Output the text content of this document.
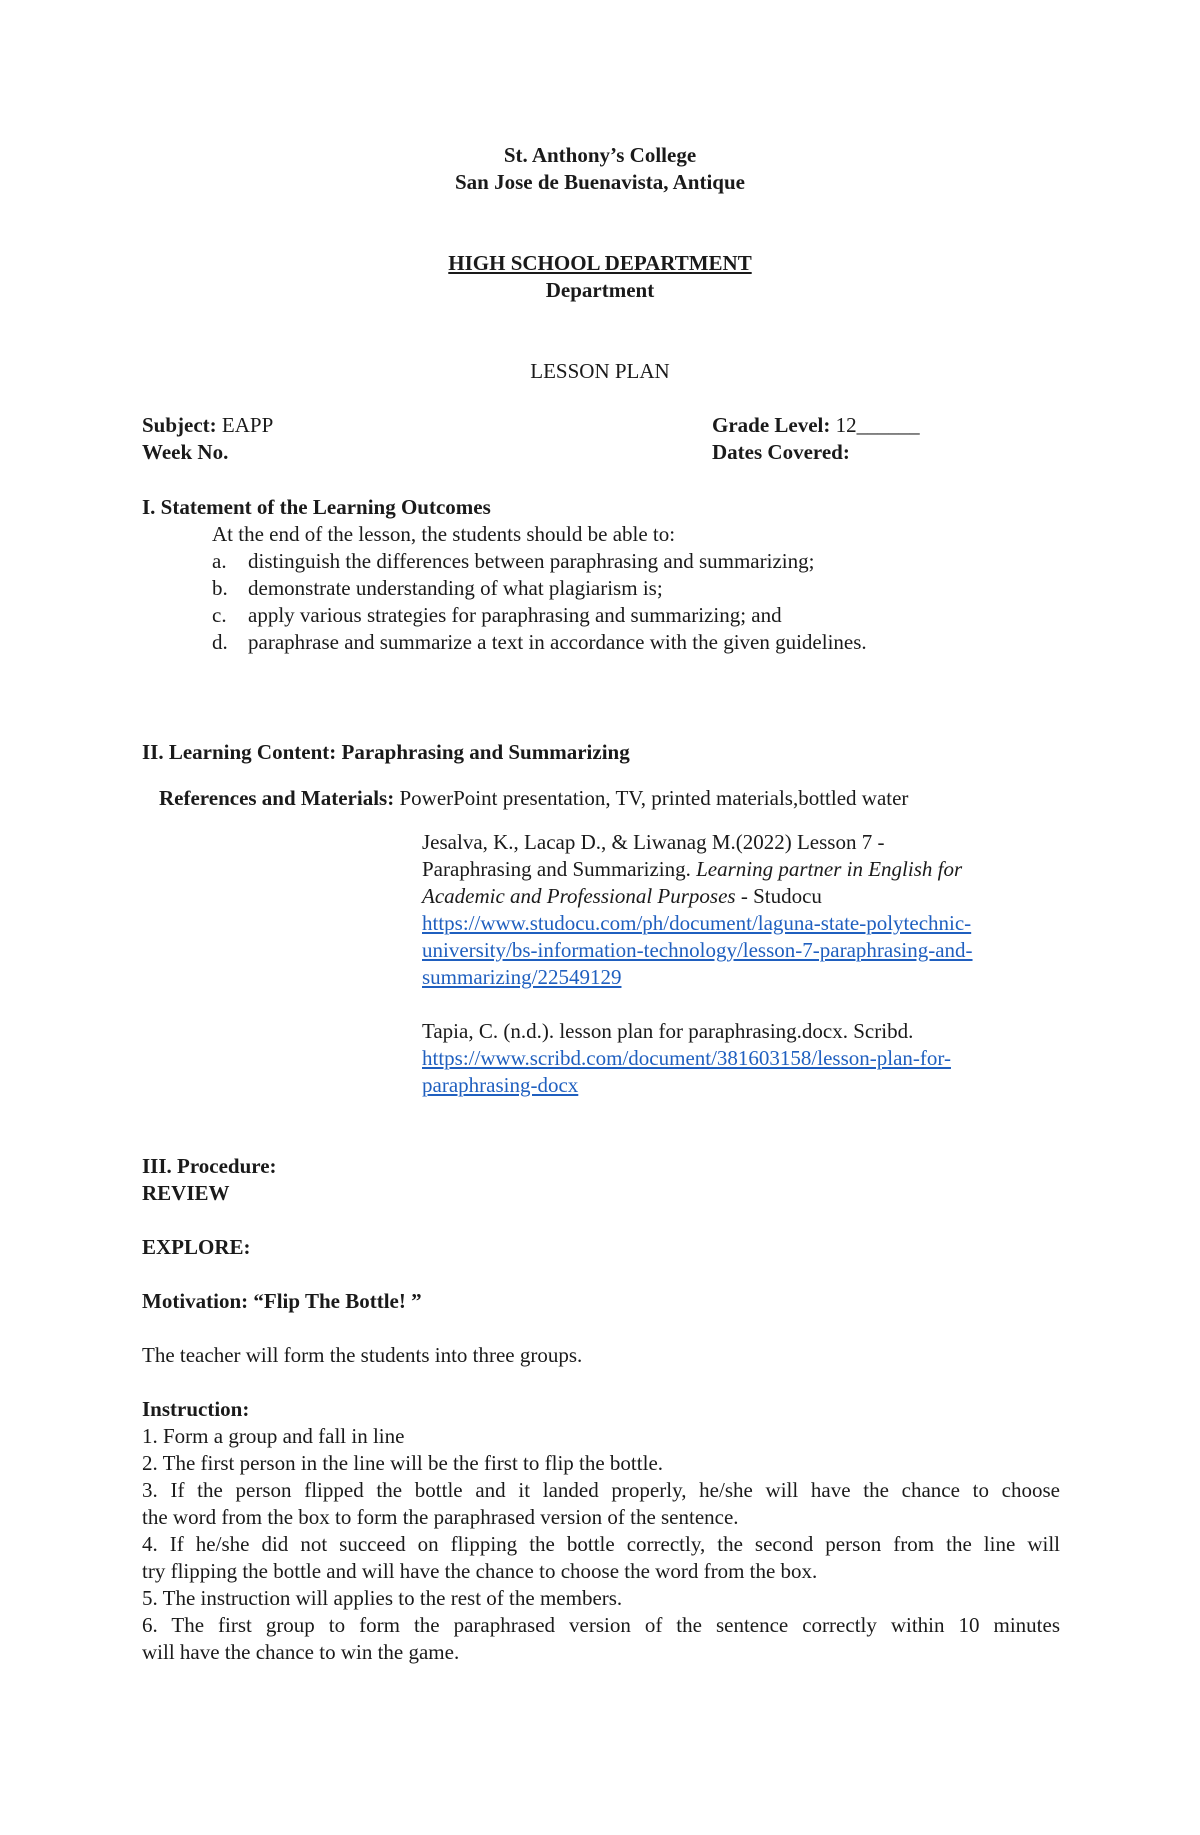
St. Anthony’s College
San Jose de Buenavista, Antique
HIGH SCHOOL DEPARTMENT
Department
LESSON PLAN
Subject: EAPP	Grade Level: 12______
Week No.	Dates Covered:
I. Statement of the Learning Outcomes
At the end of the lesson, the students should be able to:
a. distinguish the differences between paraphrasing and summarizing;
b. demonstrate understanding of what plagiarism is;
c. apply various strategies for paraphrasing and summarizing; and
d. paraphrase and summarize a text in accordance with the given guidelines.
II. Learning Content: Paraphrasing and Summarizing
References and Materials: PowerPoint presentation, TV, printed materials,bottled water
Jesalva, K., Lacap D., & Liwanag M.(2022) Lesson 7 -
Paraphrasing and Summarizing. Learning partner in English for
Academic and Professional Purposes - Studocu
https://www.studocu.com/ph/document/laguna-state-polytechnic-
university/bs-information-technology/lesson-7-paraphrasing-and-
summarizing/22549129
Tapia, C. (n.d.). lesson plan for paraphrasing.docx. Scribd.
https://www.scribd.com/document/381603158/lesson-plan-for-
paraphrasing-docx
III. Procedure:
REVIEW
EXPLORE:
Motivation: “Flip The Bottle! ”
The teacher will form the students into three groups.
Instruction:
1. Form a group and fall in line
2. The first person in the line will be the first to flip the bottle.
3. If the person flipped the bottle and it landed properly, he/she will have the chance to choose
the word from the box to form the paraphrased version of the sentence.
4. If he/she did not succeed on flipping the bottle correctly, the second person from the line will
try flipping the bottle and will have the chance to choose the word from the box.
5. The instruction will applies to the rest of the members.
6. The first group to form the paraphrased version of the sentence correctly within 10 minutes
will have the chance to win the game.
